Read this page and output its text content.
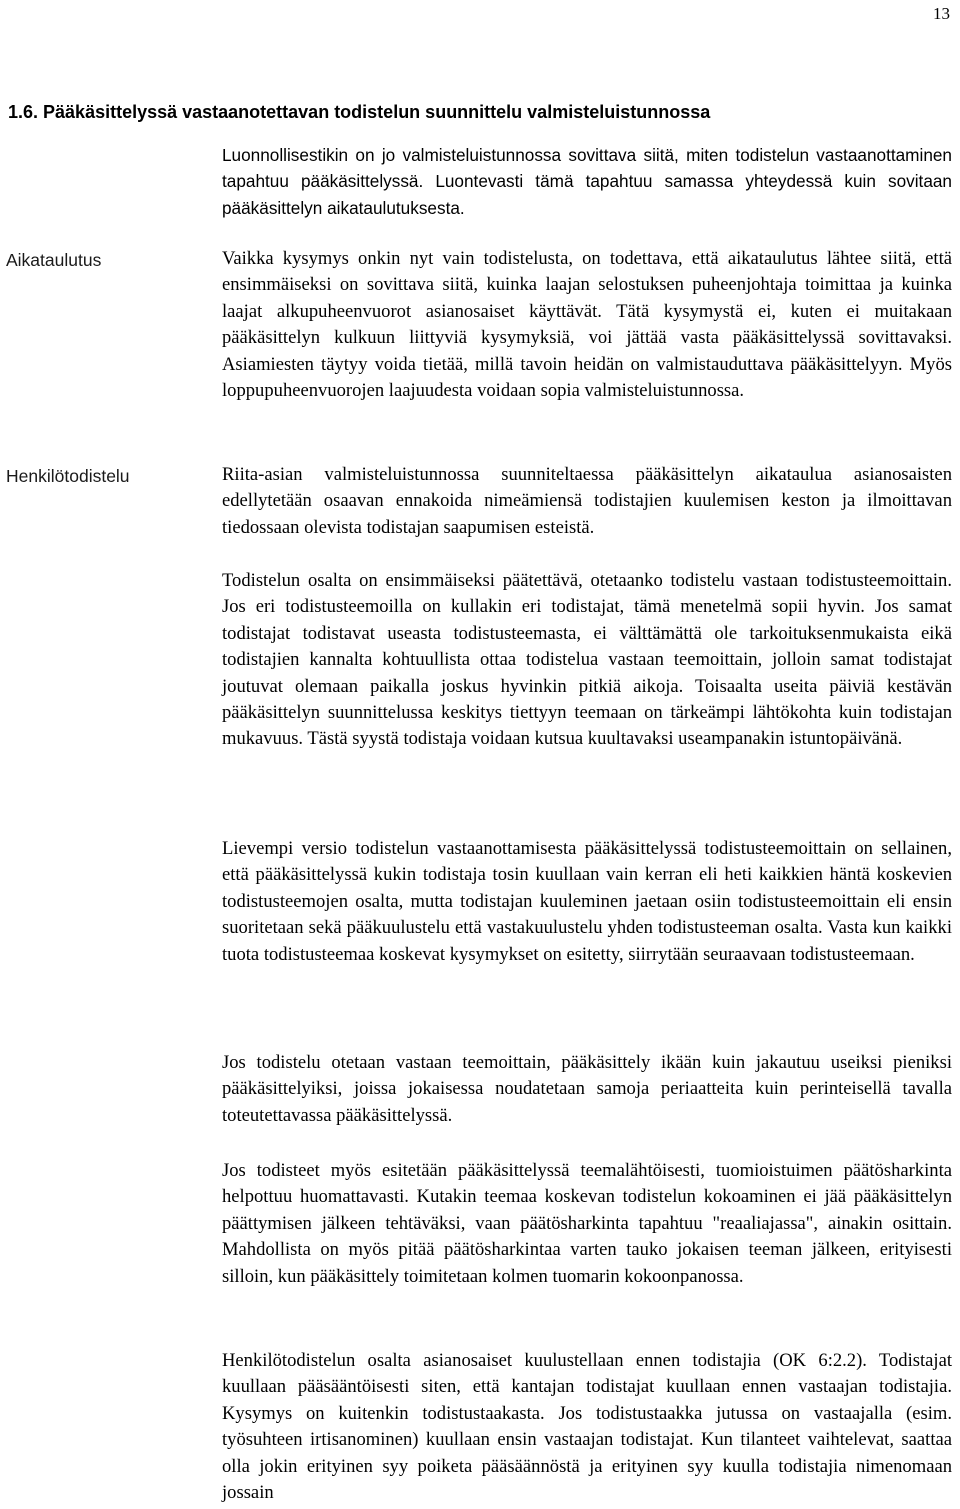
13
1.6. Pääkäsittelyssä vastaanotettavan todistelun suunnittelu valmisteluistunnossa

Luonnollisestikin on jo valmisteluistunnossa sovittava siitä, miten todistelun vastaanottaminen tapahtuu pääkäsittelyssä. Luontevasti tämä tapahtuu samassa yhteydessä kuin sovitaan pääkäsittelyn aikataulutuksesta.

Aikataulutus	Vaikka kysymys onkin nyt vain todistelusta, on todettava, että aikataulutus lähtee siitä, että ensimmäiseksi on sovittava siitä, kuinka laajan selostuksen puheenjohtaja toimittaa ja kuinka laajat alkupuheenvuorot asianosaiset käyttävät. Tätä kysymystä ei, kuten ei muitakaan pääkäsittelyn kulkuun liittyviä kysymyksiä, voi jättää vasta pääkäsittelyssä sovittavaksi. Asiamiesten täytyy voida tietää, millä tavoin heidän on valmistauduttava pääkäsittelyyn. Myös loppupuheenvuorojen laajuudesta voidaan sopia valmisteluistunnossa.

Henkilötodistelu	Riita-asian valmisteluistunnossa suunniteltaessa pääkäsittelyn aikataulua asianosaisten edellytetään osaavan ennakoida nimeämiensä todistajien kuulemisen keston ja ilmoittavan tiedossaan olevista todistajan saapumisen esteistä.

Todistelun osalta on ensimmäiseksi päätettävä, otetaanko todistelu vastaan todistusteemoittain. Jos eri todistusteemoilla on kullakin eri todistajat, tämä menetelmä sopii hyvin. Jos samat todistajat todistavat useasta todistusteemasta, ei välttämättä ole tarkoituksenmukaista eikä todistajien kannalta kohtuullista ottaa todistelua vastaan teemoittain, jolloin samat todistajat joutuvat olemaan paikalla joskus hyvinkin pitkiä aikoja. Toisaalta useita päiviä kestävän pääkäsittelyn suunnittelussa keskitys tiettyyn teemaan on tärkeämpi lähtökohta kuin todistajan mukavuus. Tästä syystä todistaja voidaan kutsua kuultavaksi useampanakin istuntopäivänä.

Lievempi versio todistelun vastaanottamisesta pääkäsittelyssä todistusteemoittain on sellainen, että pääkäsittelyssä kukin todistaja tosin kuullaan vain kerran eli heti kaikkien häntä koskevien todistusteemojen osalta, mutta todistajan kuuleminen jaetaan osiin todistusteemoittain eli ensin suoritetaan sekä pääkuulustelu että vastakuulustelu yhden todistusteeman osalta. Vasta kun kaikki tuota todistusteemaa koskevat kysymykset on esitetty, siirrytään seuraavaan todistusteemaan.

Jos todistelu otetaan vastaan teemoittain, pääkäsittely ikään kuin jakautuu useiksi pieniksi pääkäsittelyiksi, joissa jokaisessa noudatetaan samoja periaatteita kuin perinteisellä tavalla toteutettavassa pääkäsittelyssä.

Jos todisteet myös esitetään pääkäsittelyssä teemalähtöisesti, tuomioistuimen päätösharkinta helpottuu huomattavasti. Kutakin teemaa koskevan todistelun kokoaminen ei jää pääkäsittelyn päättymisen jälkeen tehtäväksi, vaan päätösharkinta tapahtuu "reaaliajassa", ainakin osittain. Mahdollista on myös pitää päätösharkintaa varten tauko jokaisen teeman jälkeen, erityisesti silloin, kun pääkäsittely toimitetaan kolmen tuomarin kokoonpanossa.

Henkilötodistelun osalta asianosaiset kuulustellaan ennen todistajia (OK 6:2.2). Todistajat kuullaan pääsääntöisesti siten, että kantajan todistajat kuullaan ennen vastaajan todistajia. Kysymys on kuitenkin todistustaakasta. Jos todistustaakka jutussa on vastaajalla (esim. työsuhteen irtisanominen) kuullaan ensin vastaajan todistajat. Kun tilanteet vaihtelevat, saattaa olla jokin erityinen syy poiketa pääsäännöstä ja erityinen syy kuulla todistajia nimenomaan jossain
